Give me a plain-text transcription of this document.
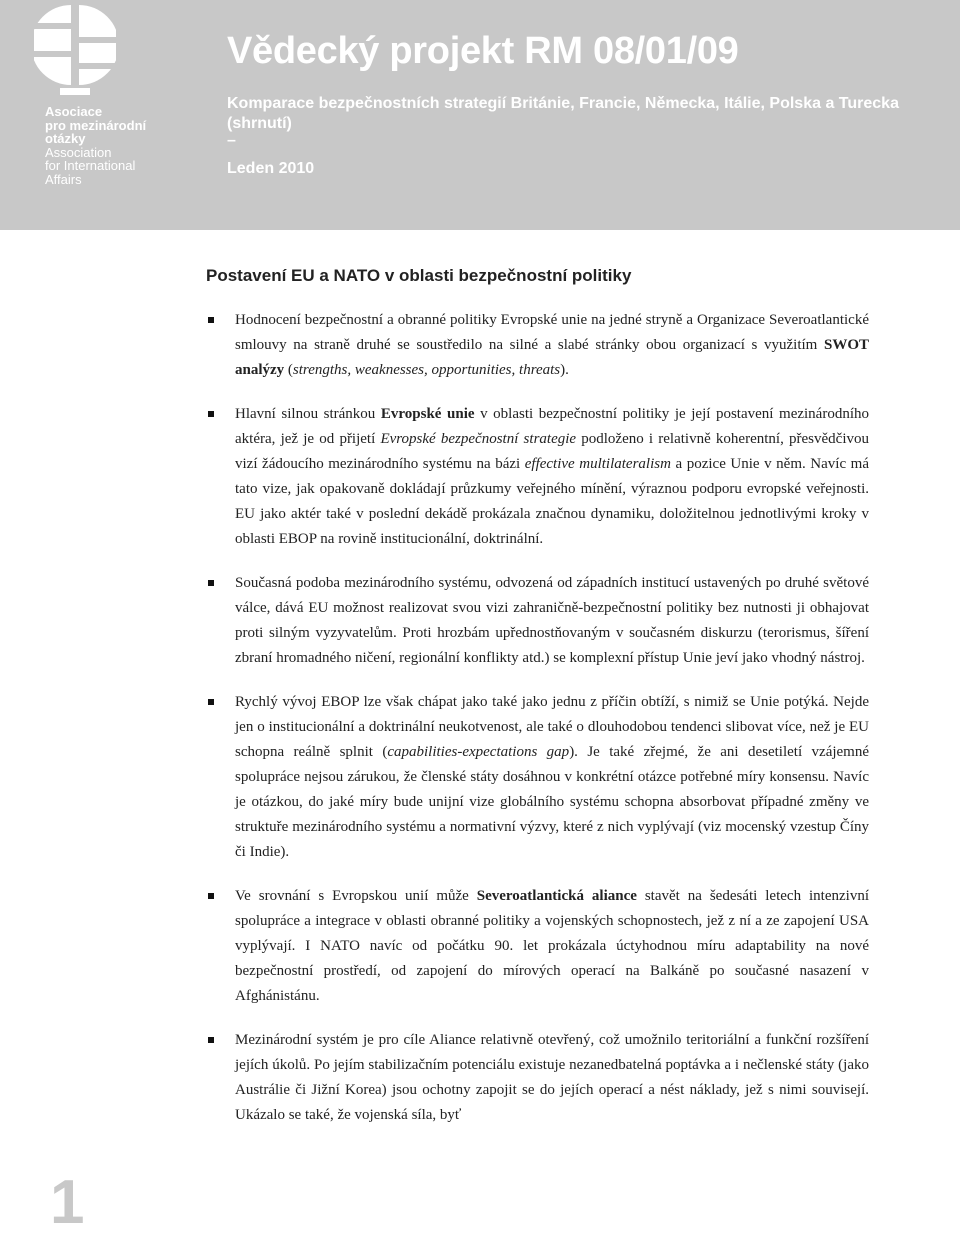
Asociace
pro mezinárodní
otázky
Association
for International
Affairs
Vědecký projekt RM 08/01/09

Komparace bezpečnostních strategií Británie, Francie, Německa, Itálie, Polska a Turecka (shrnutí)

–
Leden 2010
Postavení EU a NATO v oblasti bezpečnostní politiky
Hodnocení bezpečnostní a obranné politiky Evropské unie na jedné stryně a Organizace Severoatlantické smlouvy na straně druhé se soustředilo na silné a slabé stránky obou organizací s využitím SWOT analýzy (strengths, weaknesses, opportunities, threats).
Hlavní silnou stránkou Evropské unie v oblasti bezpečnostní politiky je její postavení mezinárodního aktéra, jež je od přijetí Evropské bezpečnostní strategie podloženo i relativně koherentní, přesvědčivou vizí žádoucího mezinárodního systému na bázi effective multilateralism a pozice Unie v něm. Navíc má tato vize, jak opakovaně dokládají průzkumy veřejného mínění, výraznou podporu evropské veřejnosti. EU jako aktér také v poslední dekádě prokázala značnou dynamiku, doložitelnou jednotlivými kroky v oblasti EBOP na rovině institucionální, doktrinální.
Současná podoba mezinárodního systému, odvozená od západních institucí ustavených po druhé světové válce, dává EU možnost realizovat svou vizi zahraničně-bezpečnostní politiky bez nutnosti ji obhajovat proti silným vyzyvatelům. Proti hrozbám upřednostňovaným v současném diskurzu (terorismus, šíření zbraní hromadného ničení, regionální konflikty atd.) se komplexní přístup Unie jeví jako vhodný nástroj.
Rychlý vývoj EBOP lze však chápat jako také jako jednu z příčin obtíží, s nimiž se Unie potýká. Nejde jen o institucionální a doktrinální neukotvenost, ale také o dlouhodobou tendenci slibovat více, než je EU schopna reálně splnit (capabilities-expectations gap). Je také zřejmé, že ani desetiletí vzájemné spolupráce nejsou zárukou, že členské státy dosáhnou v konkrétní otázce potřebné míry konsensu. Navíc je otázkou, do jaké míry bude unijní vize globálního systému schopna absorbovat případné změny ve struktuře mezinárodního systému a normativní výzvy, které z nich vyplývají (viz mocenský vzestup Číny či Indie).
Ve srovnání s Evropskou unií může Severoatlantická aliance stavět na šedesáti letech intenzivní spolupráce a integrace v oblasti obranné politiky a vojenských schopnostech, jež z ní a ze zapojení USA vyplývají. I NATO navíc od počátku 90. let prokázala úctyhodnou míru adaptability na nové bezpečnostní prostředí, od zapojení do mírových operací na Balkáně po současné nasazení v Afghánistánu.
Mezinárodní systém je pro cíle Aliance relativně otevřený, což umožnilo teritoriální a funkční rozšíření jejích úkolů. Po jejím stabilizačním potenciálu existuje nezanedbatelná poptávka a i nečlenské státy (jako Austrálie či Jižní Korea) jsou ochotny zapojit se do jejích operací a nést náklady, jež s nimi souvisejí. Ukázalo se také, že vojenská síla, byť
1
